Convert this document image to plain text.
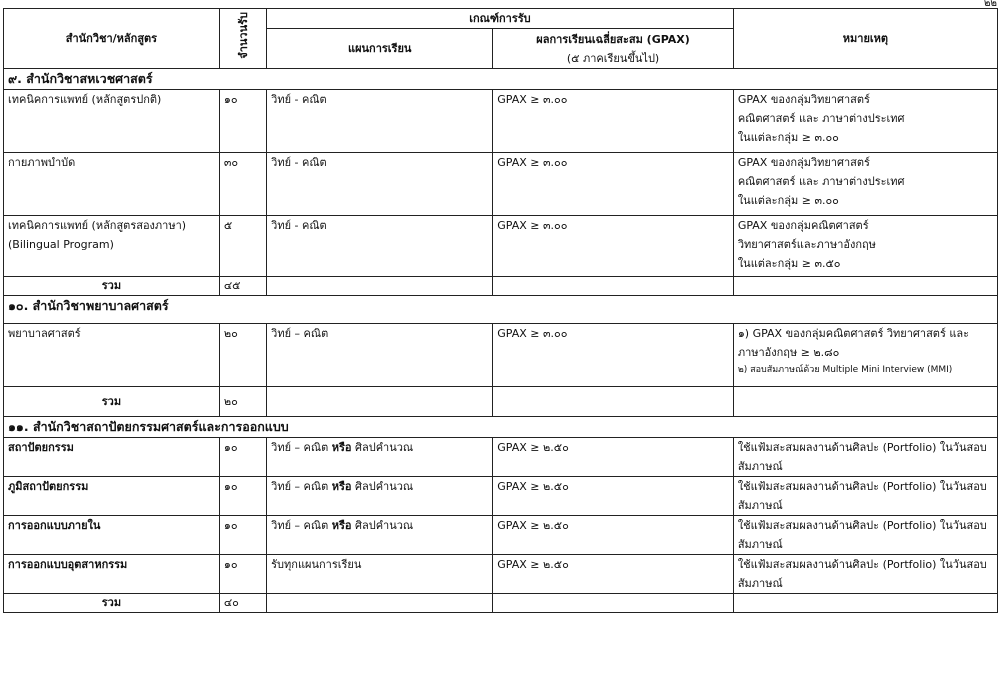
๒๒
สำนักวิชา/หลักสูตร	จำนวนรับ	เกณฑ์การรับ		หมายเหตุ
		แผนการเรียน	ผลการเรียนเฉลี่ยสะสม (GPAX)
(๕ ภาคเรียนขึ้นไป)	

๙. สำนักวิชาสหเวชศาสตร์				

เทคนิคการแพทย์ (หลักสูตรปกติ)	๑๐	วิทย์ - คณิต	GPAX ≥ ๓.๐๐	GPAX ของกลุ่มวิทยาศาสตร์
คณิตศาสตร์ และ ภาษาต่างประเทศ
ในแต่ละกลุ่ม ≥ ๓.๐๐

กายภาพบำบัด	๓๐	วิทย์ - คณิต	GPAX ≥ ๓.๐๐	GPAX ของกลุ่มวิทยาศาสตร์
คณิตศาสตร์ และ ภาษาต่างประเทศ
ในแต่ละกลุ่ม ≥ ๓.๐๐

เทคนิคการแพทย์ (หลักสูตรสองภาษา)
(Bilingual Program)	๕	วิทย์ - คณิต	GPAX ≥ ๓.๐๐	GPAX ของกลุ่มคณิตศาสตร์
วิทยาศาสตร์และภาษาอังกฤษ
ในแต่ละกลุ่ม ≥ ๓.๕๐

รวม	๔๕			
๑๐. สำนักวิชาพยาบาลศาสตร์				

พยาบาลศาสตร์	๒๐	วิทย์ – คณิต	GPAX ≥ ๓.๐๐	๑) GPAX ของกลุ่มคณิตศาสตร์ วิทยาศาสตร์ และ
ภาษาอังกฤษ ≥ ๒.๘๐
๒) สอบสัมภาษณ์ด้วย Multiple Mini Interview (MMI)

รวม	๒๐			
๑๑. สำนักวิชาสถาปัตยกรรมศาสตร์และการออกแบบ				

สถาปัตยกรรม	๑๐	วิทย์ – คณิต หรือ ศิลปคำนวณ	GPAX ≥ ๒.๕๐	ใช้แฟ้มสะสมผลงานด้านศิลปะ (Portfolio) ในวันสอบ
สัมภาษณ์

ภูมิสถาปัตยกรรม	๑๐	วิทย์ – คณิต หรือ ศิลปคำนวณ	GPAX ≥ ๒.๕๐	ใช้แฟ้มสะสมผลงานด้านศิลปะ (Portfolio) ในวันสอบ
สัมภาษณ์

การออกแบบภายใน	๑๐	วิทย์ – คณิต หรือ ศิลปคำนวณ	GPAX ≥ ๒.๕๐	ใช้แฟ้มสะสมผลงานด้านศิลปะ (Portfolio) ในวันสอบ
สัมภาษณ์

การออกแบบอุตสาหกรรม	๑๐	รับทุกแผนการเรียน	GPAX ≥ ๒.๕๐	ใช้แฟ้มสะสมผลงานด้านศิลปะ (Portfolio) ในวันสอบ
สัมภาษณ์

รวม	๔๐			
